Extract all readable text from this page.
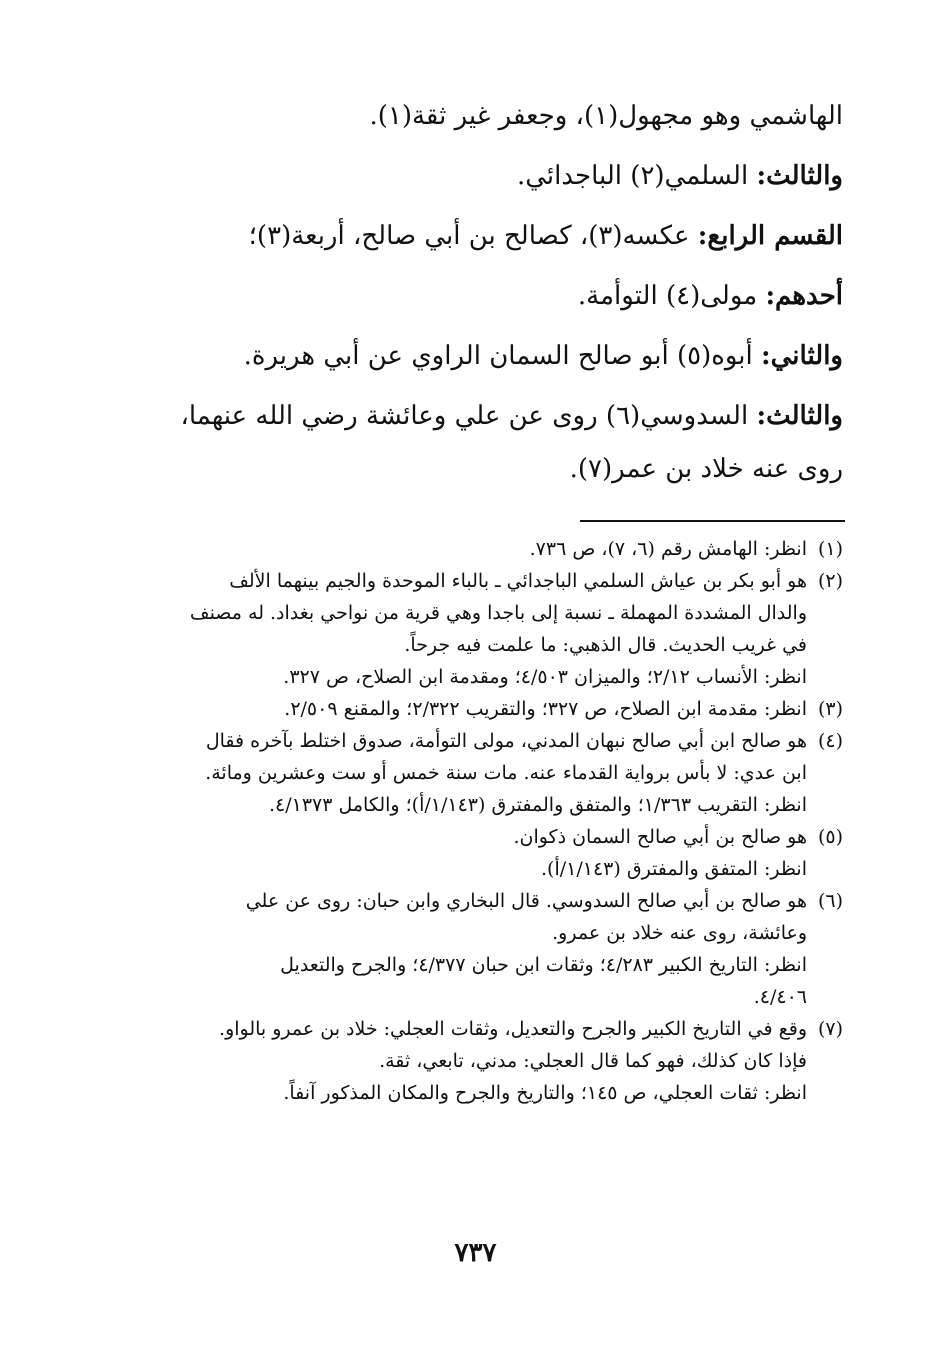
الهاشمي وهو مجهول(١)، وجعفر غير ثقة(١).
والثالث: السلمي(٢) الباجدائي.
القسم الرابع: عكسه(٣)، كصالح بن أبي صالح، أربعة(٣)؛
أحدهم: مولى(٤) التوأمة.
والثاني: أبوه(٥) أبو صالح السمان الراوي عن أبي هريرة.
والثالث: السدوسي(٦) روى عن علي وعائشة رضي الله عنهما،
روى عنه خلاد بن عمر(٧).
(١)
انظر: الهامش رقم (٦، ٧)، ص ٧٣٦.
(٢)
هو أبو بكر بن عياش السلمي الباجدائي ـ بالباء الموحدة والجيم بينهما الألف
والدال المشددة المهملة ـ نسبة إلى باجدا وهي قرية من نواحي بغداد. له مصنف
في غريب الحديث. قال الذهبي: ما علمت فيه جرحاً.
انظر: الأنساب ٢/١٢؛ والميزان ٤/٥٠٣؛ ومقدمة ابن الصلاح، ص ٣٢٧.
(٣)
انظر: مقدمة ابن الصلاح، ص ٣٢٧؛ والتقريب ٢/٣٢٢؛ والمقنع ٢/٥٠٩.
(٤)
هو صالح ابن أبي صالح نبهان المدني، مولى التوأمة، صدوق اختلط بآخره فقال
ابن عدي: لا بأس برواية القدماء عنه. مات سنة خمس أو ست وعشرين ومائة.
انظر: التقريب ١/٣٦٣؛ والمتفق والمفترق (١/١٤٣/أ)؛ والكامل ٤/١٣٧٣.
(٥)
هو صالح بن أبي صالح السمان ذكوان.
انظر: المتفق والمفترق (١/١٤٣/أ).
(٦)
هو صالح بن أبي صالح السدوسي. قال البخاري وابن حبان: روى عن علي
وعائشة، روى عنه خلاد بن عمرو.
انظر: التاريخ الكبير ٤/٢٨٣؛ وثقات ابن حبان ٤/٣٧٧؛ والجرح والتعديل
٤/٤٠٦.
(٧)
وقع في التاريخ الكبير والجرح والتعديل، وثقات العجلي: خلاد بن عمرو بالواو.
فإذا كان كذلك، فهو كما قال العجلي: مدني، تابعي، ثقة.
انظر: ثقات العجلي، ص ١٤٥؛ والتاريخ والجرح والمكان المذكور آنفاً.
٧٣٧
